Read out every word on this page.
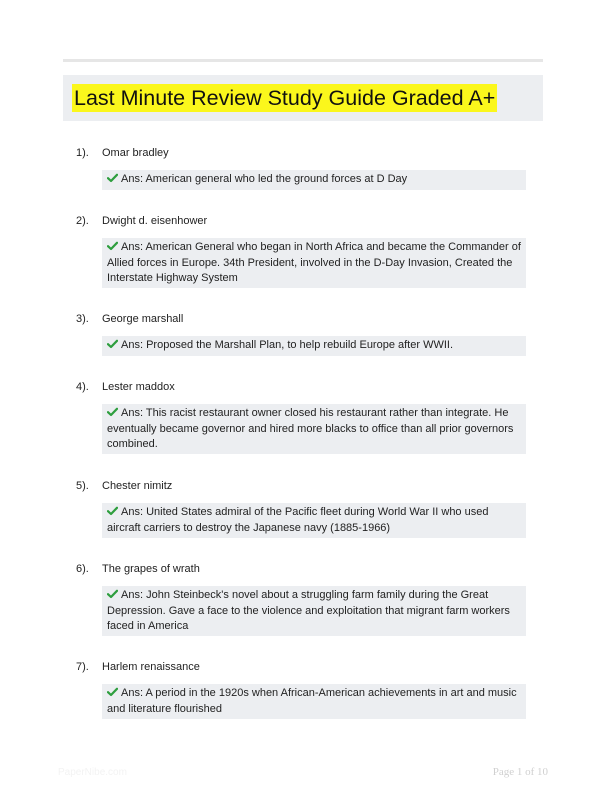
Last Minute Review Study Guide Graded A+
1). Omar bradley
Ans: American general who led the ground forces at D Day
2). Dwight d. eisenhower
Ans: American General who began in North Africa and became the Commander of Allied forces in Europe. 34th President, involved in the D-Day Invasion, Created the Interstate Highway System
3). George marshall
Ans: Proposed the Marshall Plan, to help rebuild Europe after WWII.
4). Lester maddox
Ans: This racist restaurant owner closed his restaurant rather than integrate. He eventually became governor and hired more blacks to office than all prior governors combined.
5). Chester nimitz
Ans: United States admiral of the Pacific fleet during World War II who used aircraft carriers to destroy the Japanese navy (1885-1966)
6). The grapes of wrath
Ans: John Steinbeck's novel about a struggling farm family during the Great Depression. Gave a face to the violence and exploitation that migrant farm workers faced in America
7). Harlem renaissance
Ans: A period in the 1920s when African-American achievements in art and music and literature flourished
PaperNibe.com	Page 1 of 10
